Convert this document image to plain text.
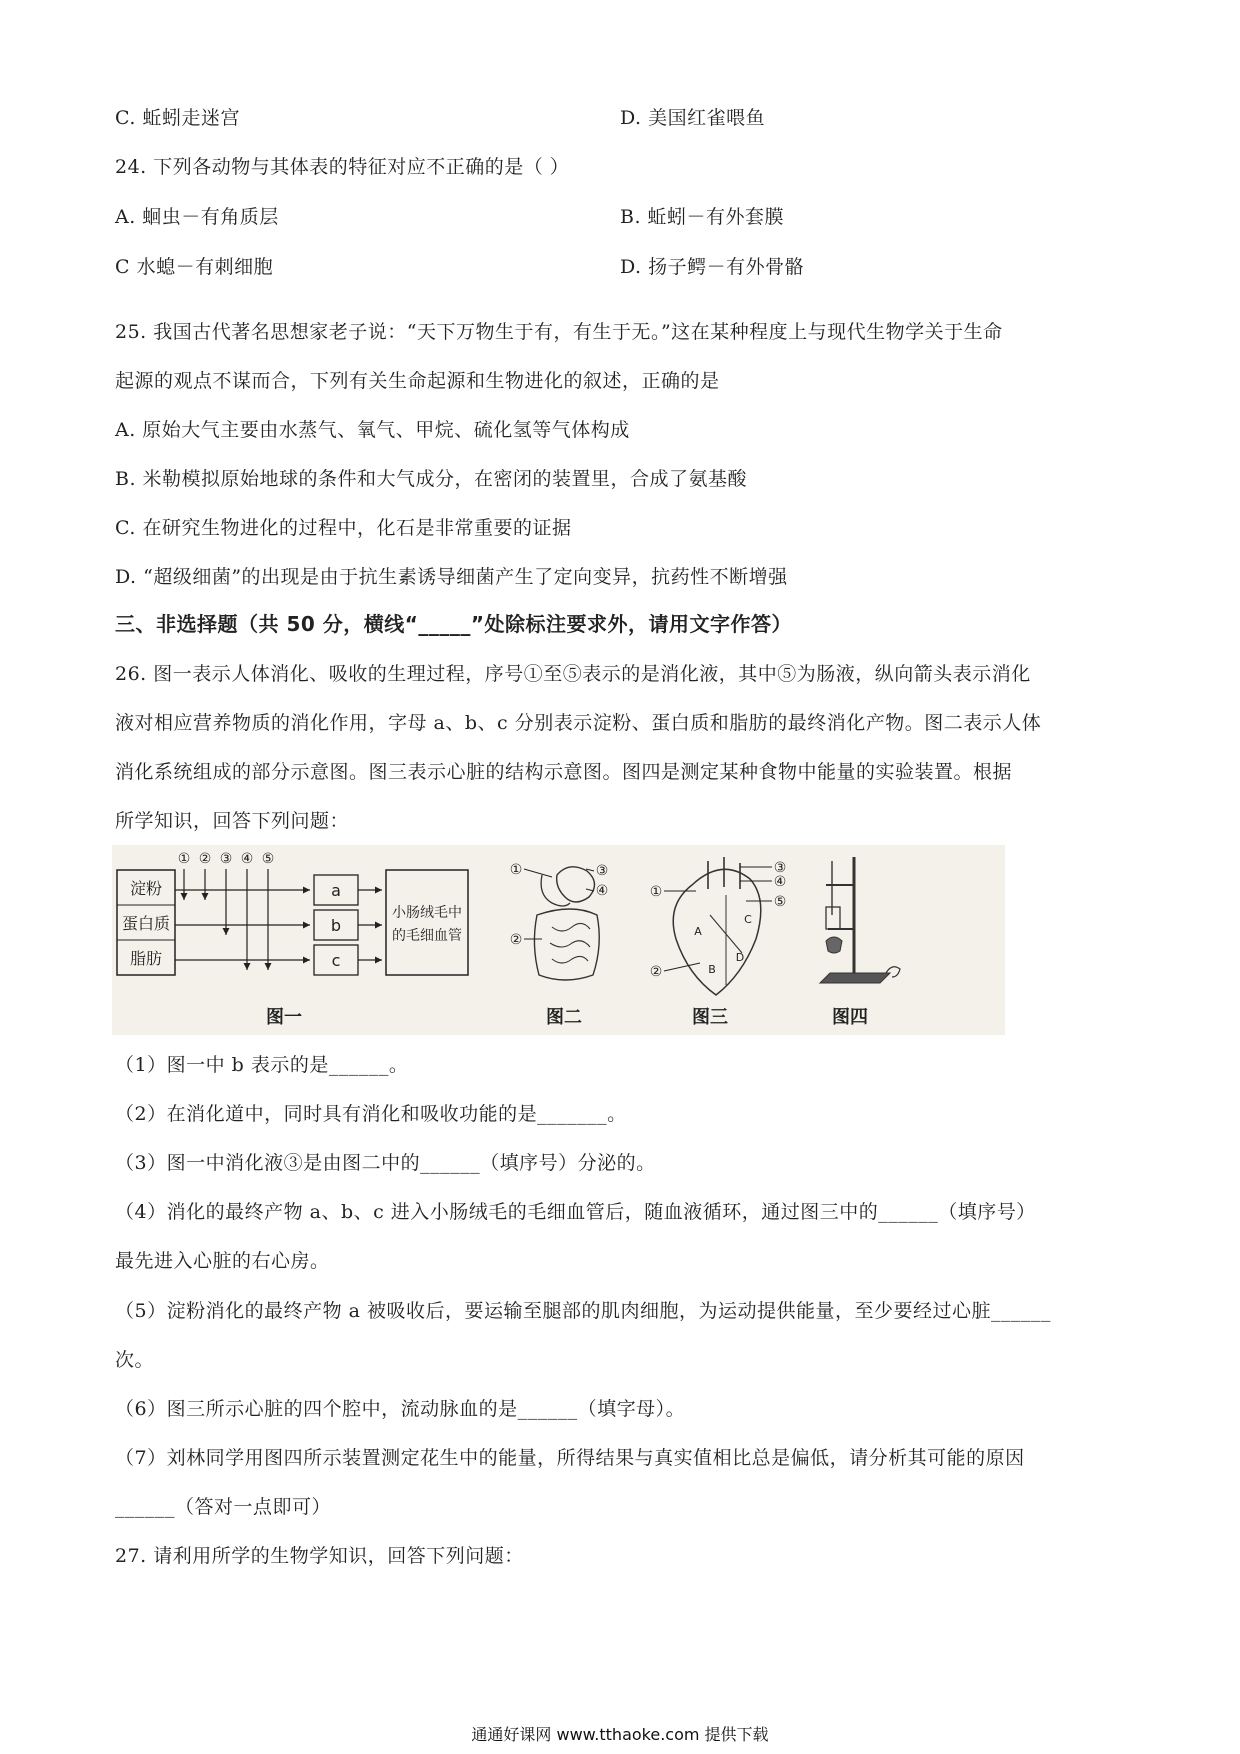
C. 蚯蚓走迷宫	D. 美国红雀喂鱼
24. 下列各动物与其体表的特征对应不正确的是（ ）
A. 蛔虫－有角质层	B. 蚯蚓－有外套膜
C 水螅－有刺细胞	D. 扬子鳄－有外骨骼
25. 我国古代著名思想家老子说：“天下万物生于有，有生于无。”这在某种程度上与现代生物学关于生命
起源的观点不谋而合，下列有关生命起源和生物进化的叙述，正确的是
A. 原始大气主要由水蒸气、氧气、甲烷、硫化氢等气体构成
B. 米勒模拟原始地球的条件和大气成分，在密闭的装置里，合成了氨基酸
C. 在研究生物进化的过程中，化石是非常重要的证据
D. “超级细菌”的出现是由于抗生素诱导细菌产生了定向变异，抗药性不断增强
三、非选择题（共 50 分，横线“_____”处除标注要求外，请用文字作答）
26. 图一表示人体消化、吸收的生理过程，序号①至⑤表示的是消化液，其中⑤为肠液，纵向箭头表示消化
液对相应营养物质的消化作用，字母 a、b、c 分别表示淀粉、蛋白质和脂肪的最终消化产物。图二表示人体
消化系统组成的部分示意图。图三表示心脏的结构示意图。图四是测定某种食物中能量的实验装置。根据
所学知识，回答下列问题：
淀粉
蛋白质
脂肪
① ② ③ ④ ⑤
a
b
c
小肠绒毛中
的毛细血管
图一
①	③
④
②
图二
③
④
⑤
①
②
A
B
C
D
图三	图四
（1）图一中 b 表示的是______。
（2）在消化道中，同时具有消化和吸收功能的是_______。
（3）图一中消化液③是由图二中的______（填序号）分泌的。
（4）消化的最终产物 a、b、c 进入小肠绒毛的毛细血管后，随血液循环，通过图三中的______（填序号）
最先进入心脏的右心房。
（5）淀粉消化的最终产物 a 被吸收后，要运输至腿部的肌肉细胞，为运动提供能量，至少要经过心脏______
次。
（6）图三所示心脏的四个腔中，流动脉血的是______（填字母）。
（7）刘林同学用图四所示装置测定花生中的能量，所得结果与真实值相比总是偏低，请分析其可能的原因
______（答对一点即可）
27. 请利用所学的生物学知识，回答下列问题：
通通好课网 www.tthaoke.com 提供下载
